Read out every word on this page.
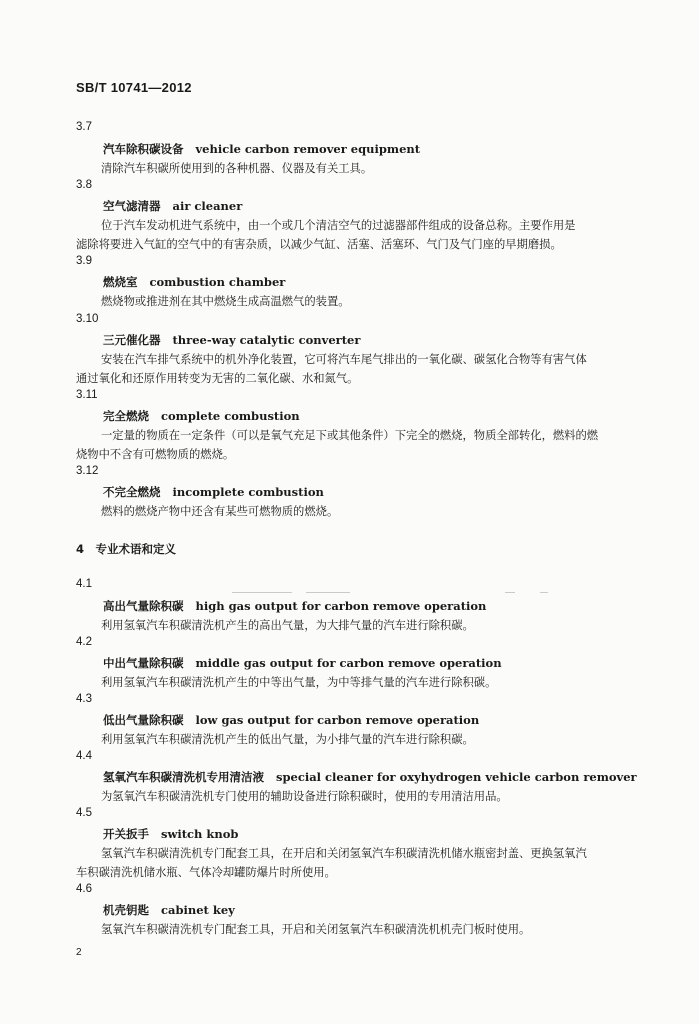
SB/T 10741—2012
3.7
汽车除积碳设备 vehicle carbon remover equipment
清除汽车积碳所使用到的各种机器、仪器及有关工具。
3.8
空气滤清器 air cleaner
位于汽车发动机进气系统中，由一个或几个清洁空气的过滤器部件组成的设备总称。主要作用是
滤除将要进入气缸的空气中的有害杂质，以减少气缸、活塞、活塞环、气门及气门座的早期磨损。
3.9
燃烧室 combustion chamber
燃烧物或推进剂在其中燃烧生成高温燃气的装置。
3.10
三元催化器 three-way catalytic converter
安装在汽车排气系统中的机外净化装置，它可将汽车尾气排出的一氧化碳、碳氢化合物等有害气体
通过氧化和还原作用转变为无害的二氧化碳、水和氮气。
3.11
完全燃烧 complete combustion
一定量的物质在一定条件（可以是氧气充足下或其他条件）下完全的燃烧，物质全部转化，燃料的燃
烧物中不含有可燃物质的燃烧。
3.12
不完全燃烧 incomplete combustion
燃料的燃烧产物中还含有某些可燃物质的燃烧。
4　专业术语和定义
4.1
高出气量除积碳 high gas output for carbon remove operation
利用氢氧汽车积碳清洗机产生的高出气量，为大排气量的汽车进行除积碳。
4.2
中出气量除积碳 middle gas output for carbon remove operation
利用氢氧汽车积碳清洗机产生的中等出气量，为中等排气量的汽车进行除积碳。
4.3
低出气量除积碳 low gas output for carbon remove operation
利用氢氧汽车积碳清洗机产生的低出气量，为小排气量的汽车进行除积碳。
4.4
氢氧汽车积碳清洗机专用清洁液 special cleaner for oxyhydrogen vehicle carbon remover
为氢氧汽车积碳清洗机专门使用的辅助设备进行除积碳时，使用的专用清洁用品。
4.5
开关扳手 switch knob
氢氧汽车积碳清洗机专门配套工具，在开启和关闭氢氧汽车积碳清洗机储水瓶密封盖、更换氢氧汽
车积碳清洗机储水瓶、气体冷却罐防爆片时所使用。
4.6
机壳钥匙 cabinet key
氢氧汽车积碳清洗机专门配套工具，开启和关闭氢氧汽车积碳清洗机机壳门板时使用。
2
